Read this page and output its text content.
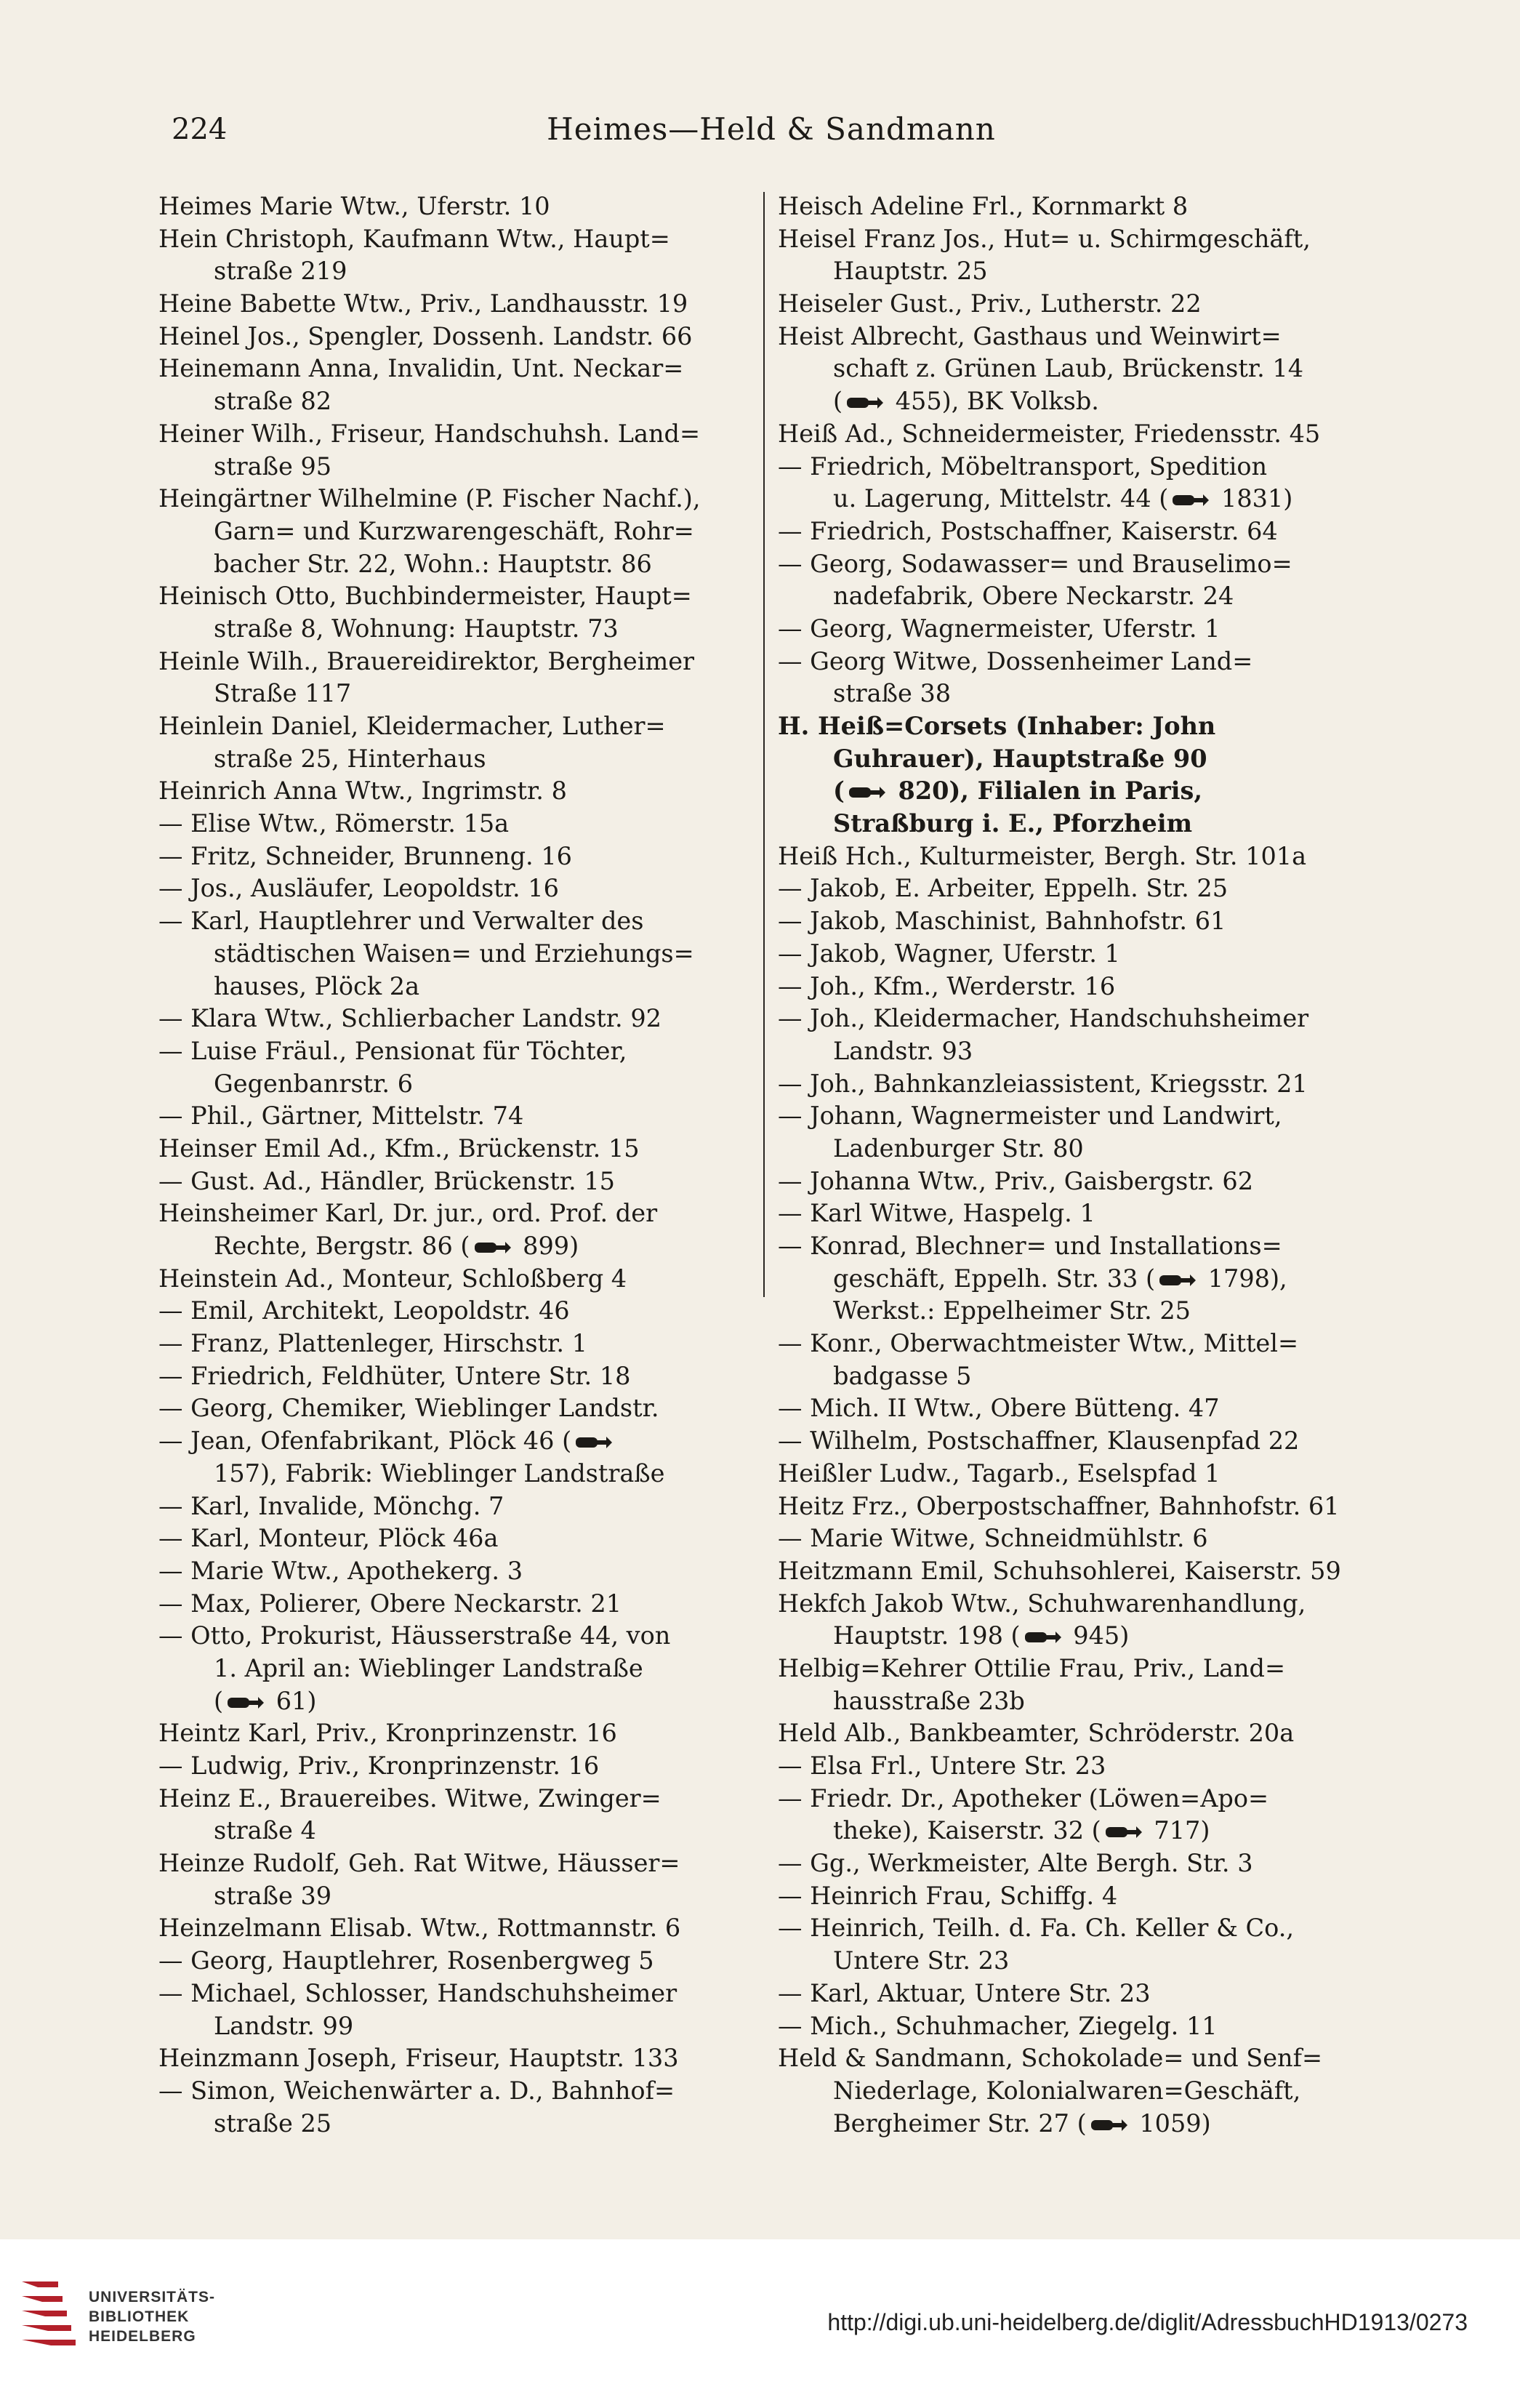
224	Heimes—Held & Sandmann
Heimes Marie Wtw., Uferstr. 10
Hein Christoph, Kaufmann Wtw., Haupt=
straße 219
Heine Babette Wtw., Priv., Landhausstr. 19
Heinel Jos., Spengler, Dossenh. Landstr. 66
Heinemann Anna, Invalidin, Unt. Neckar=
straße 82
Heiner Wilh., Friseur, Handschuhsh. Land=
straße 95
Heingärtner Wilhelmine (P. Fischer Nachf.),
Garn= und Kurzwarengeschäft, Rohr=
bacher Str. 22, Wohn.: Hauptstr. 86
Heinisch Otto, Buchbindermeister, Haupt=
straße 8, Wohnung: Hauptstr. 73
Heinle Wilh., Brauereidirektor, Bergheimer
Straße 117
Heinlein Daniel, Kleidermacher, Luther=
straße 25, Hinterhaus
Heinrich Anna Wtw., Ingrimstr. 8
— Elise Wtw., Römerstr. 15a
— Fritz, Schneider, Brunneng. 16
— Jos., Ausläufer, Leopoldstr. 16
— Karl, Hauptlehrer und Verwalter des
städtischen Waisen= und Erziehungs=
hauses, Plöck 2a
— Klara Wtw., Schlierbacher Landstr. 92
— Luise Fräul., Pensionat für Töchter,
Gegenbanrstr. 6
— Phil., Gärtner, Mittelstr. 74
Heinser Emil Ad., Kfm., Brückenstr. 15
— Gust. Ad., Händler, Brückenstr. 15
Heinsheimer Karl, Dr. jur., ord. Prof. der
Rechte, Bergstr. 86 ( 899)
Heinstein Ad., Monteur, Schloßberg 4
— Emil, Architekt, Leopoldstr. 46
— Franz, Plattenleger, Hirschstr. 1
— Friedrich, Feldhüter, Untere Str. 18
— Georg, Chemiker, Wieblinger Landstr.
— Jean, Ofenfabrikant, Plöck 46 (
157), Fabrik: Wieblinger Landstraße
— Karl, Invalide, Mönchg. 7
— Karl, Monteur, Plöck 46a
— Marie Wtw., Apothekerg. 3
— Max, Polierer, Obere Neckarstr. 21
— Otto, Prokurist, Häusserstraße 44, von
1. April an: Wieblinger Landstraße
( 61)
Heintz Karl, Priv., Kronprinzenstr. 16
— Ludwig, Priv., Kronprinzenstr. 16
Heinz E., Brauereibes. Witwe, Zwinger=
straße 4
Heinze Rudolf, Geh. Rat Witwe, Häusser=
straße 39
Heinzelmann Elisab. Wtw., Rottmannstr. 6
— Georg, Hauptlehrer, Rosenbergweg 5
— Michael, Schlosser, Handschuhsheimer
Landstr. 99
Heinzmann Joseph, Friseur, Hauptstr. 133
— Simon, Weichenwärter a. D., Bahnhof=
straße 25
Heisch Adeline Frl., Kornmarkt 8
Heisel Franz Jos., Hut= u. Schirmgeschäft,
Hauptstr. 25
Heiseler Gust., Priv., Lutherstr. 22
Heist Albrecht, Gasthaus und Weinwirt=
schaft z. Grünen Laub, Brückenstr. 14
( 455), BK Volksb.
Heiß Ad., Schneidermeister, Friedensstr. 45
— Friedrich, Möbeltransport, Spedition
u. Lagerung, Mittelstr. 44 ( 1831)
— Friedrich, Postschaffner, Kaiserstr. 64
— Georg, Sodawasser= und Brauselimo=
nadefabrik, Obere Neckarstr. 24
— Georg, Wagnermeister, Uferstr. 1
— Georg Witwe, Dossenheimer Land=
straße 38
H. Heiß=Corsets (Inhaber: John
Guhrauer), Hauptstraße 90
( 820), Filialen in Paris,
Straßburg i. E., Pforzheim
Heiß Hch., Kulturmeister, Bergh. Str. 101a
— Jakob, E. Arbeiter, Eppelh. Str. 25
— Jakob, Maschinist, Bahnhofstr. 61
— Jakob, Wagner, Uferstr. 1
— Joh., Kfm., Werderstr. 16
— Joh., Kleidermacher, Handschuhsheimer
Landstr. 93
— Joh., Bahnkanzleiassistent, Kriegsstr. 21
— Johann, Wagnermeister und Landwirt,
Ladenburger Str. 80
— Johanna Wtw., Priv., Gaisbergstr. 62
— Karl Witwe, Haspelg. 1
— Konrad, Blechner= und Installations=
geschäft, Eppelh. Str. 33 ( 1798),
Werkst.: Eppelheimer Str. 25
— Konr., Oberwachtmeister Wtw., Mittel=
badgasse 5
— Mich. II Wtw., Obere Bütteng. 47
— Wilhelm, Postschaffner, Klausenpfad 22
Heißler Ludw., Tagarb., Eselspfad 1
Heitz Frz., Oberpostschaffner, Bahnhofstr. 61
— Marie Witwe, Schneidmühlstr. 6
Heitzmann Emil, Schuhsohlerei, Kaiserstr. 59
Hekfch Jakob Wtw., Schuhwarenhandlung,
Hauptstr. 198 ( 945)
Helbig=Kehrer Ottilie Frau, Priv., Land=
hausstraße 23b
Held Alb., Bankbeamter, Schröderstr. 20a
— Elsa Frl., Untere Str. 23
— Friedr. Dr., Apotheker (Löwen=Apo=
theke), Kaiserstr. 32 ( 717)
— Gg., Werkmeister, Alte Bergh. Str. 3
— Heinrich Frau, Schiffg. 4
— Heinrich, Teilh. d. Fa. Ch. Keller & Co.,
Untere Str. 23
— Karl, Aktuar, Untere Str. 23
— Mich., Schuhmacher, Ziegelg. 11
Held & Sandmann, Schokolade= und Senf=
Niederlage, Kolonialwaren=Geschäft,
Bergheimer Str. 27 ( 1059)
UNIVERSITÄTS-
BIBLIOTHEK
HEIDELBERG
http://digi.ub.uni-heidelberg.de/diglit/AdressbuchHD1913/0273
